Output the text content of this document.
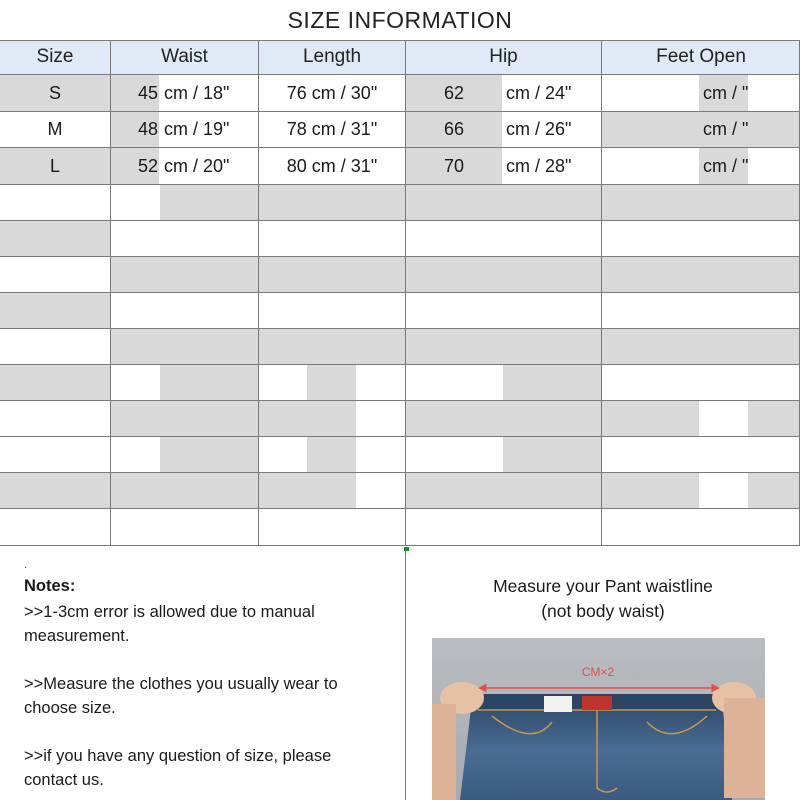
SIZE INFORMATION
Size	Waist	Length	Hip	Feet Open
S	45 cm / 18"	76 cm / 30"	62 cm / 24"	cm / "
M	48 cm / 19"	78 cm / 31"	66 cm / 26"	cm / "
L	52 cm / 20"	80 cm / 31"	70 cm / 28"	cm / "
·

Notes:

>>1-3cm error is allowed due to manual

measurement.

>>Measure the clothes you usually wear to

choose size.

>>if you have any question of size, please

contact us.

Measure your Pant waistline
(not body waist)
CM×2
